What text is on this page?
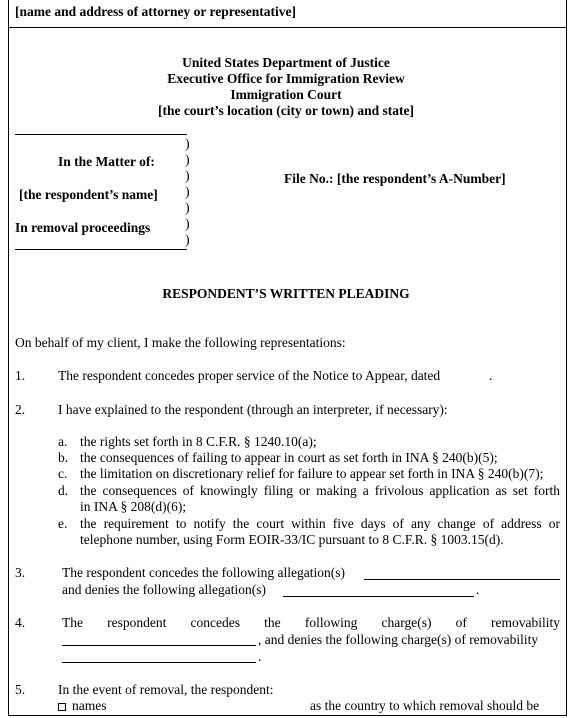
[name and address of attorney or representative]
United States Department of Justice
Executive Office for Immigration Review
Immigration Court
[the court’s location (city or town) and state]
In the Matter of:
[the respondent’s name]
In removal proceedings
File No.: [the respondent’s A-Number]
)
)
)
)
)
)
)
RESPONDENT’S WRITTEN PLEADING
On behalf of my client, I make the following representations:
1. The respondent concedes proper service of the Notice to Appear, dated	.
2. I have explained to the respondent (through an interpreter, if necessary):
a. the rights set forth in 8 C.F.R. § 1240.10(a);
b. the consequences of failing to appear in court as set forth in INA § 240(b)(5);
c. the limitation on discretionary relief for failure to appear set forth in INA § 240(b)(7);
d. the consequences of knowingly filing or making a frivolous application as set forth
in INA § 208(d)(6);
e. the requirement to notify the court within five days of any change of address or
telephone number, using Form EOIR-33/IC pursuant to 8 C.F.R. § 1003.15(d).
3.	The respondent concedes the following allegation(s)
and denies the following allegation(s)	.
4.	The respondent concedes the following charge(s) of removability
, and denies the following charge(s) of removability
.
5. In the event of removal, the respondent:
names	as the country to which removal should be
